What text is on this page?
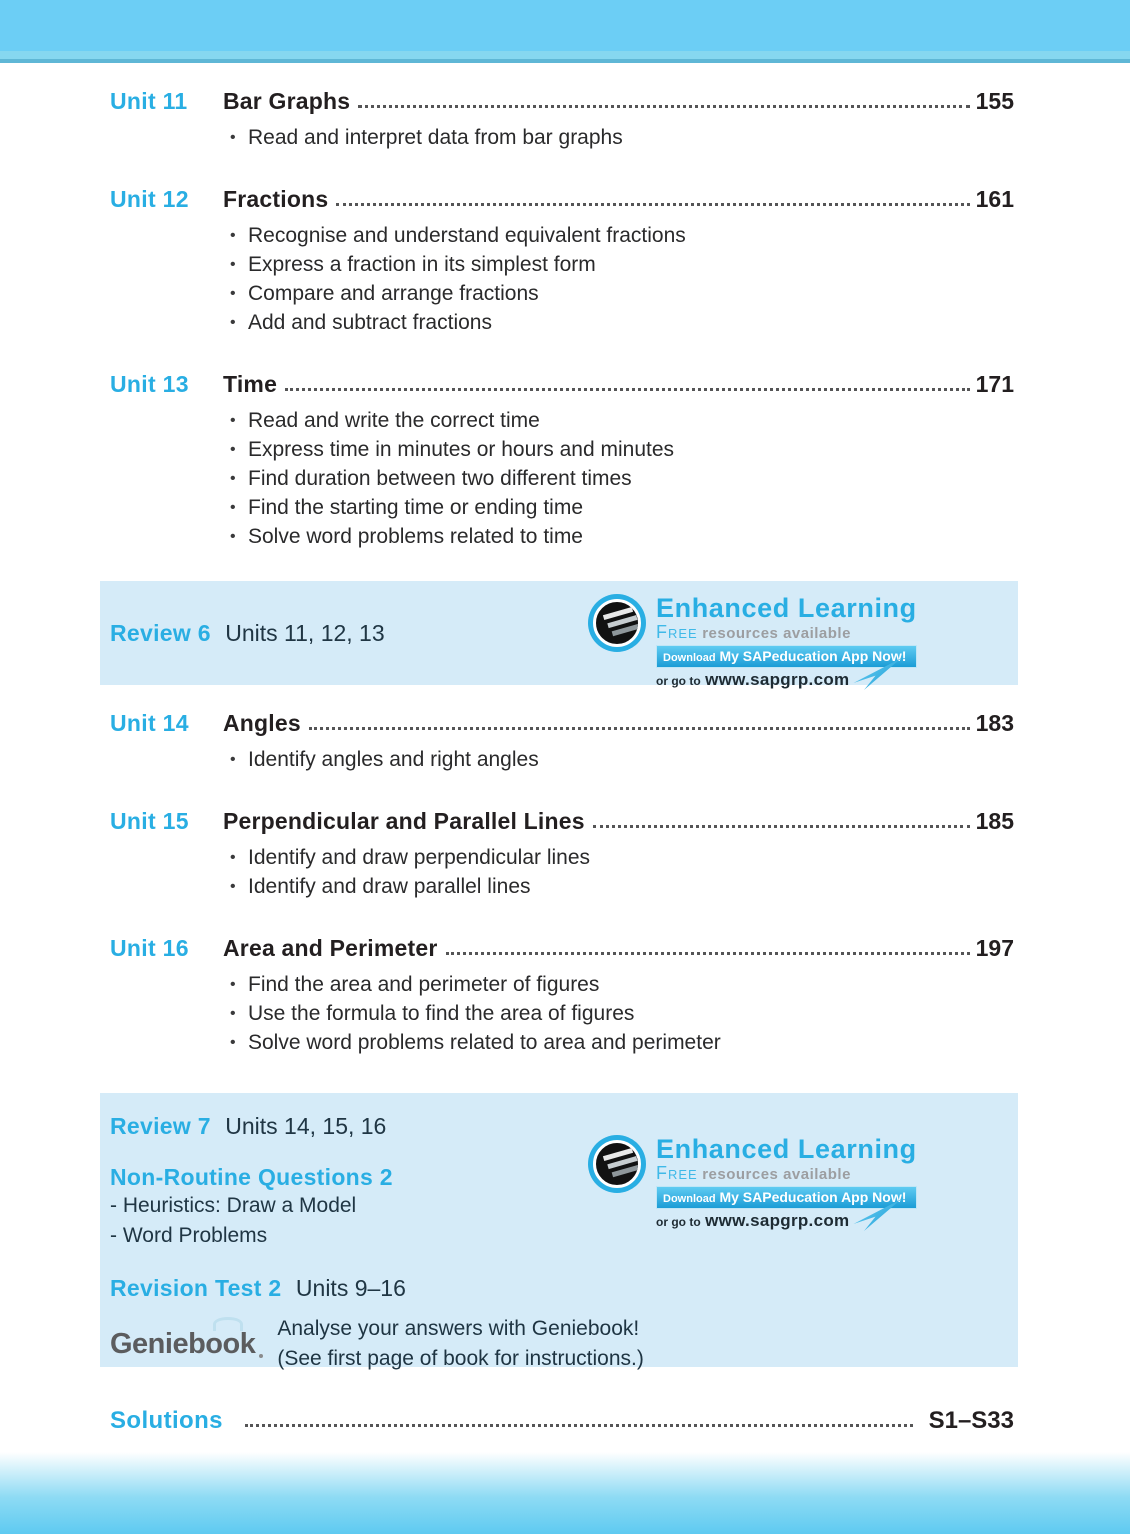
Unit 11	Bar Graphs	155
• Read and interpret data from bar graphs
Unit 12	Fractions	161
• Recognise and understand equivalent fractions
• Express a fraction in its simplest form
• Compare and arrange fractions
• Add and subtract fractions
Unit 13	Time	171
• Read and write the correct time
• Express time in minutes or hours and minutes
• Find duration between two different times
• Find the starting time or ending time
• Solve word problems related to time
Review 6 Units 11, 12, 13
Enhanced Learning
Free resources available
Download My SAPeducation App Now!
or go to www.sapgrp.com
Unit 14	Angles	183
• Identify angles and right angles
Unit 15	Perpendicular and Parallel Lines	185
• Identify and draw perpendicular lines
• Identify and draw parallel lines
Unit 16	Area and Perimeter	197
• Find the area and perimeter of figures
• Use the formula to find the area of figures
• Solve word problems related to area and perimeter
Review 7 Units 14, 15, 16
Non-Routine Questions 2
- Heuristics: Draw a Model
- Word Problems
Revision Test 2 Units 9–16
Geniebook Analyse your answers with Geniebook!
(See first page of book for instructions.)
Enhanced Learning
Free resources available
Download My SAPeducation App Now!
or go to www.sapgrp.com
Solutions	S1–S33
